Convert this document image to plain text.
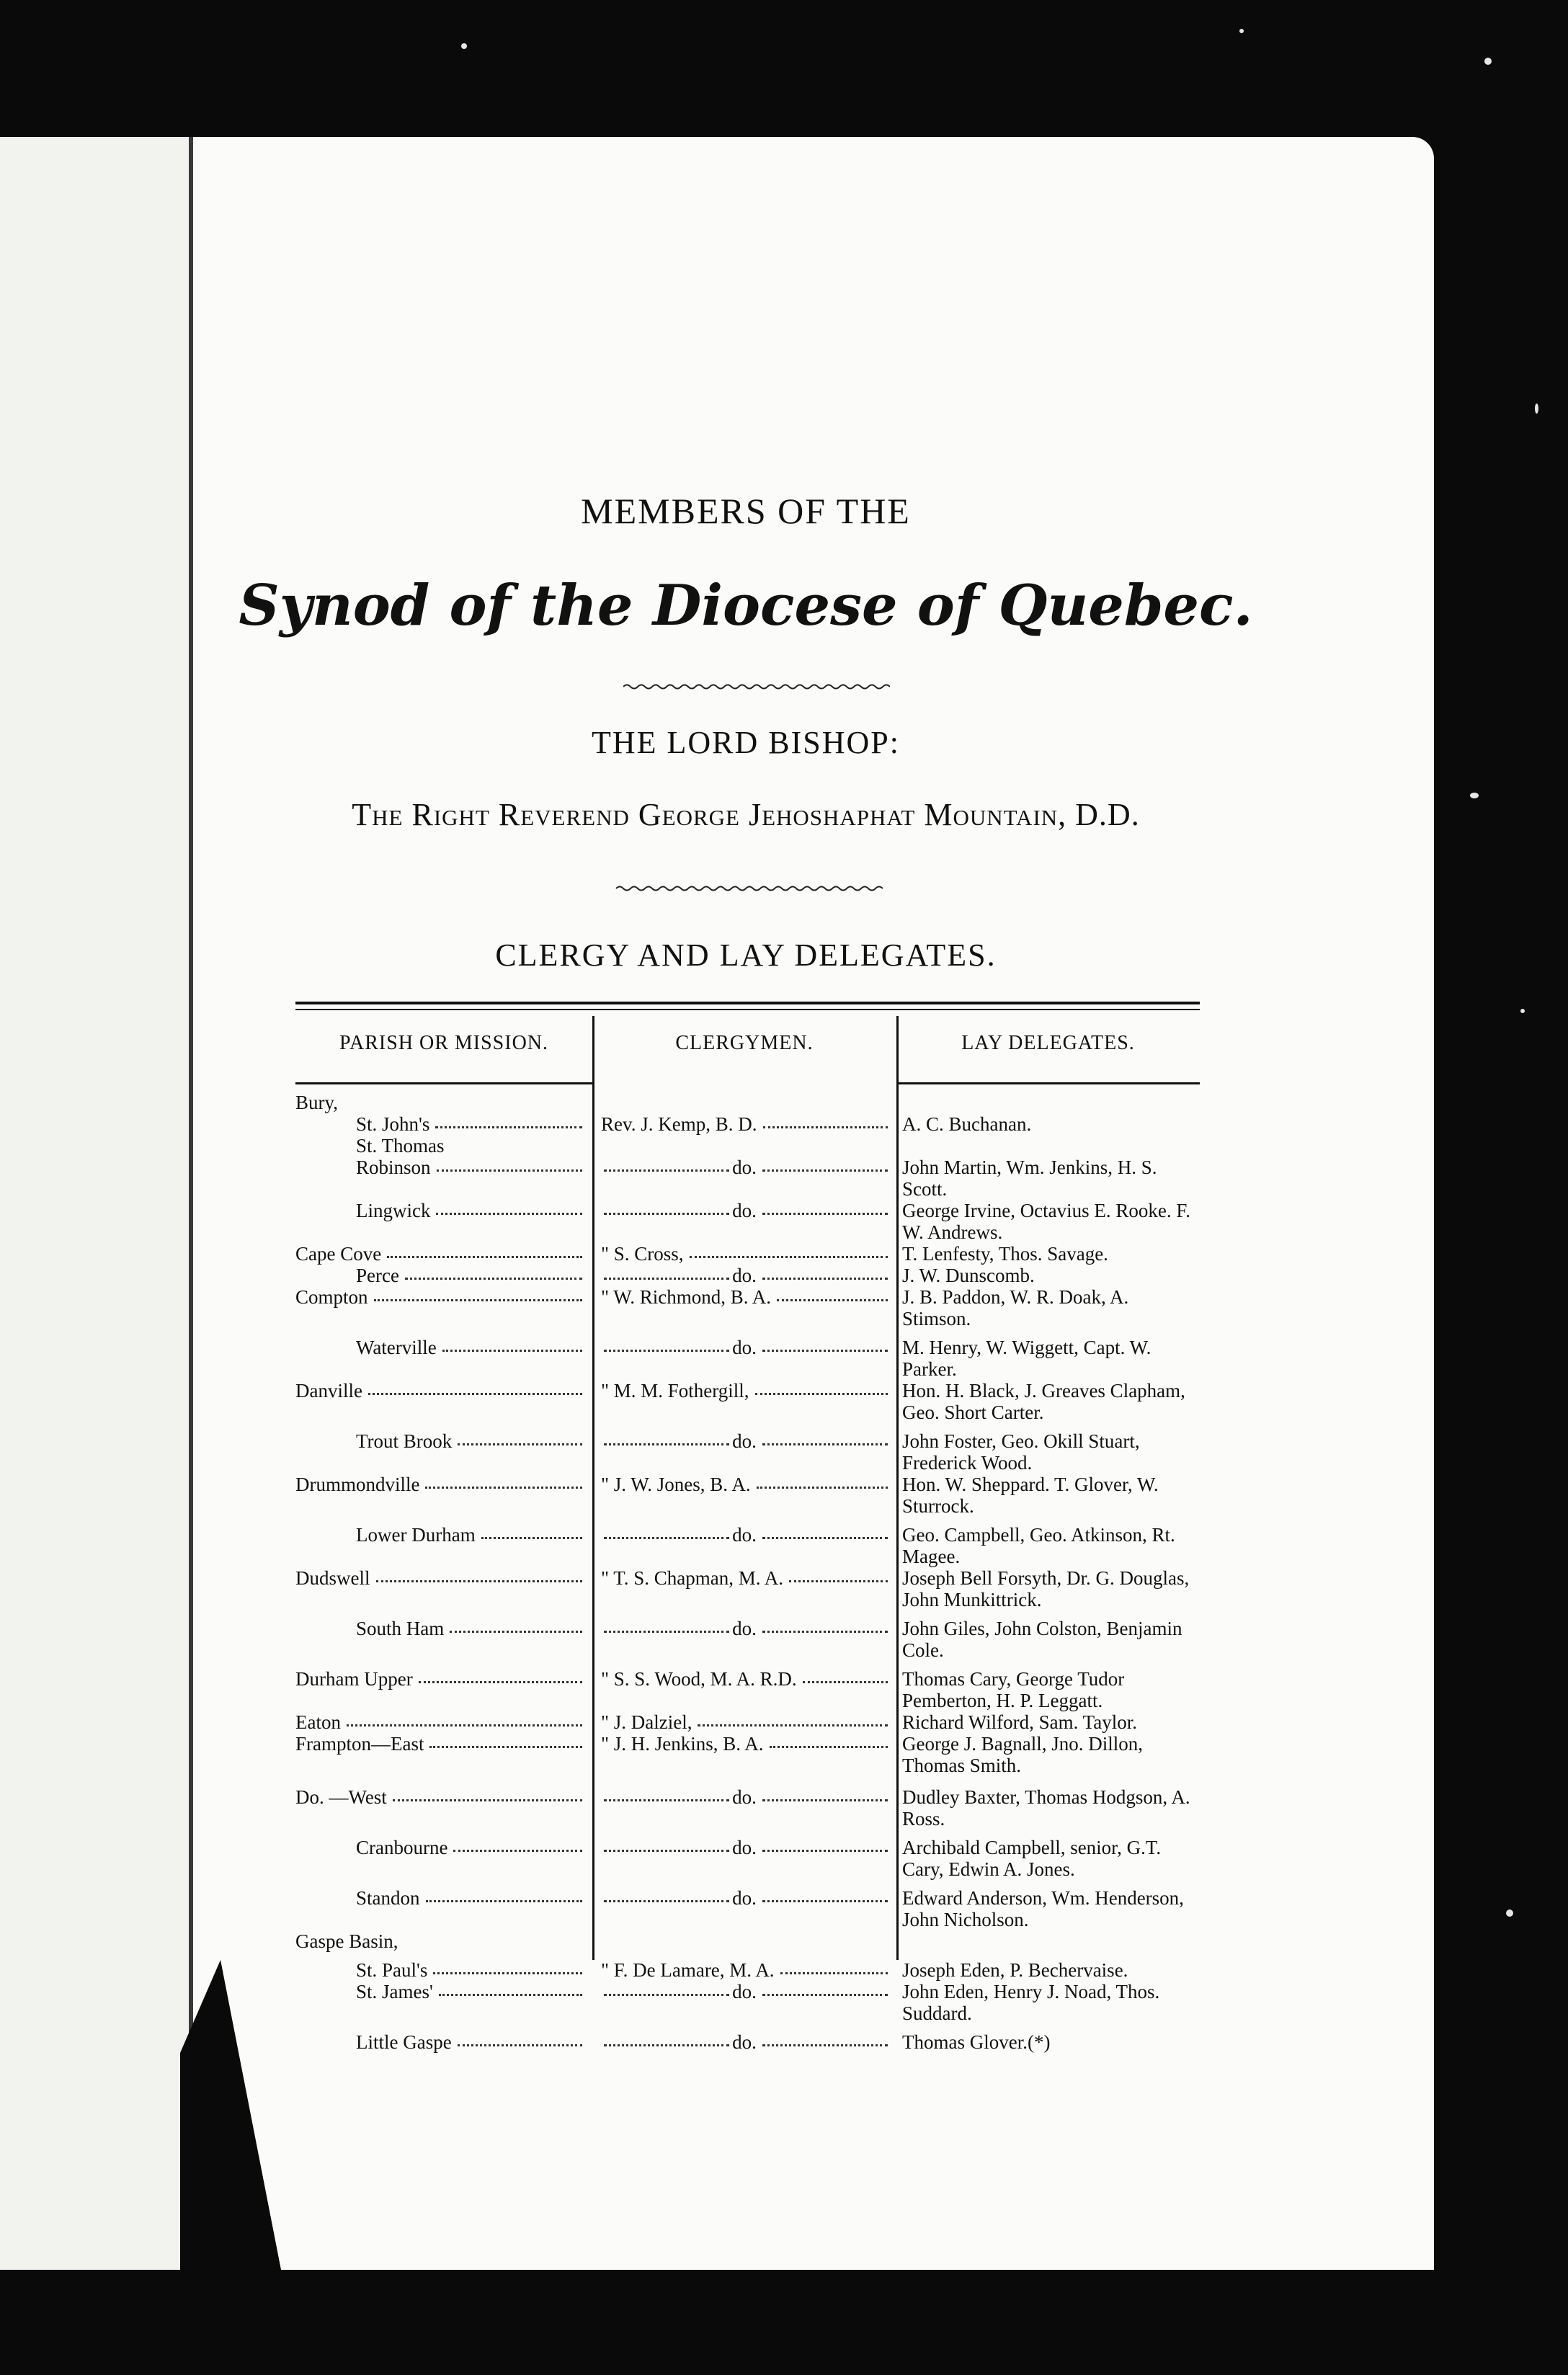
MEMBERS OF THE
Synod of the Diocese of Quebec.
THE LORD BISHOP:
The Right Reverend George Jehoshaphat Mountain, D.D.
CLERGY AND LAY DELEGATES.
PARISH OR MISSION.	CLERGYMEN.	LAY DELEGATES.
Bury,
St. John's	Rev. J. Kemp, B. D.	A. C. Buchanan.
St. Thomas
Robinson	do.	John Martin, Wm. Jenkins, H. S. Scott.
Lingwick	do.	George Irvine, Octavius E. Rooke. F. W. Andrews.
Cape Cove	" S. Cross,	T. Lenfesty, Thos. Savage.
Perce	do.	J. W. Dunscomb.
Compton	" W. Richmond, B. A.	J. B. Paddon, W. R. Doak, A. Stimson.
Waterville	do.	M. Henry, W. Wiggett, Capt. W. Parker.
Danville	" M. M. Fothergill,	Hon. H. Black, J. Greaves Clapham, Geo. Short Carter.
Trout Brook	do.	John Foster, Geo. Okill Stuart, Frederick Wood.
Drummondville	" J. W. Jones, B. A.	Hon. W. Sheppard. T. Glover, W. Sturrock.
Lower Durham	do.	Geo. Campbell, Geo. Atkinson, Rt. Magee.
Dudswell	" T. S. Chapman, M. A.	Joseph Bell Forsyth, Dr. G. Douglas, John Munkittrick.
South Ham	do.	John Giles, John Colston, Benjamin Cole.
Durham Upper	" S. S. Wood, M. A. R.D.	Thomas Cary, George Tudor Pemberton, H. P. Leggatt.
Eaton	" J. Dalziel,	Richard Wilford, Sam. Taylor.
Frampton—East	" J. H. Jenkins, B. A.	George J. Bagnall, Jno. Dillon, Thomas Smith.
Do. —West	do.	Dudley Baxter, Thomas Hodgson, A. Ross.
Cranbourne	do.	Archibald Campbell, senior, G.T. Cary, Edwin A. Jones.
Standon	do.	Edward Anderson, Wm. Henderson, John Nicholson.
Gaspe Basin,
St. Paul's	" F. De Lamare, M. A.	Joseph Eden, P. Bechervaise.
St. James'	do.	John Eden, Henry J. Noad, Thos. Suddard.
Little Gaspe	do.	Thomas Glover.(*)
